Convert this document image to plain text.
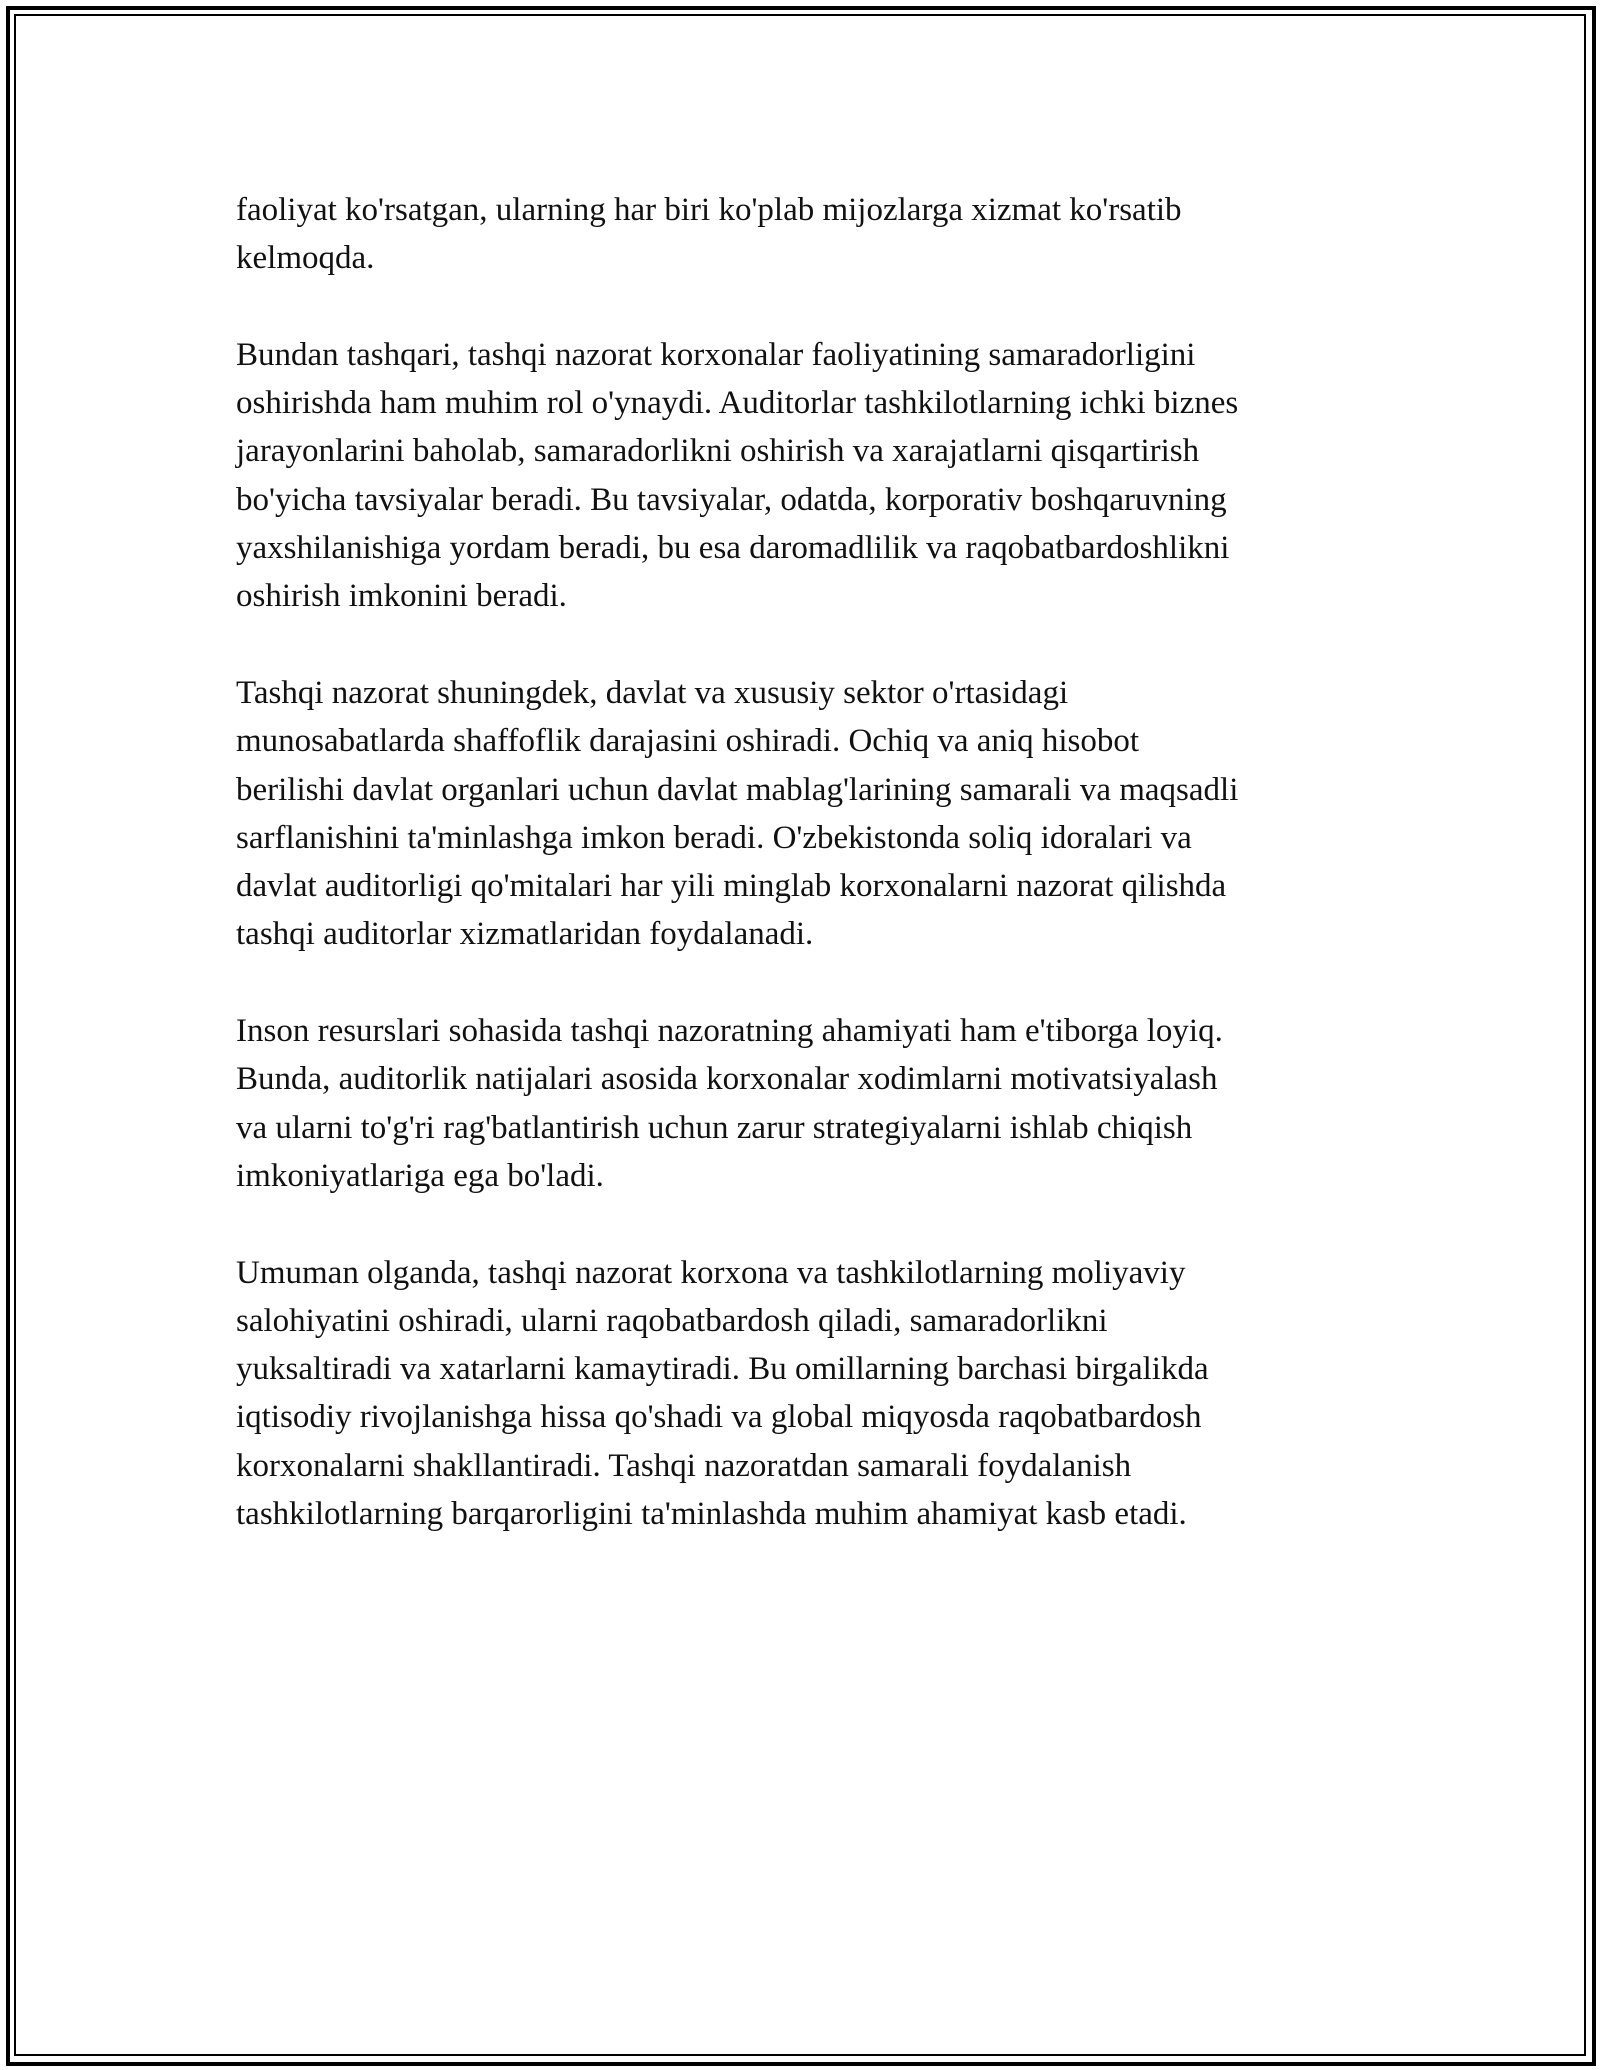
faoliyat ko'rsatgan, ularning har biri ko'plab mijozlarga xizmat ko'rsatib
kelmoqda.

Bundan tashqari, tashqi nazorat korxonalar faoliyatining samaradorligini
oshirishda ham muhim rol o'ynaydi. Auditorlar tashkilotlarning ichki biznes
jarayonlarini baholab, samaradorlikni oshirish va xarajatlarni qisqartirish
bo'yicha tavsiyalar beradi. Bu tavsiyalar, odatda, korporativ boshqaruvning
yaxshilanishiga yordam beradi, bu esa daromadlilik va raqobatbardoshlikni
oshirish imkonini beradi.

Tashqi nazorat shuningdek, davlat va xususiy sektor o'rtasidagi
munosabatlarda shaffoflik darajasini oshiradi. Ochiq va aniq hisobot
berilishi davlat organlari uchun davlat mablag'larining samarali va maqsadli
sarflanishini ta'minlashga imkon beradi. O'zbekistonda soliq idoralari va
davlat auditorligi qo'mitalari har yili minglab korxonalarni nazorat qilishda
tashqi auditorlar xizmatlaridan foydalanadi.

Inson resurslari sohasida tashqi nazoratning ahamiyati ham e'tiborga loyiq.
Bunda, auditorlik natijalari asosida korxonalar xodimlarni motivatsiyalash
va ularni to'g'ri rag'batlantirish uchun zarur strategiyalarni ishlab chiqish
imkoniyatlariga ega bo'ladi.

Umuman olganda, tashqi nazorat korxona va tashkilotlarning moliyaviy
salohiyatini oshiradi, ularni raqobatbardosh qiladi, samaradorlikni
yuksaltiradi va xatarlarni kamaytiradi. Bu omillarning barchasi birgalikda
iqtisodiy rivojlanishga hissa qo'shadi va global miqyosda raqobatbardosh
korxonalarni shakllantiradi. Tashqi nazoratdan samarali foydalanish
tashkilotlarning barqarorligini ta'minlashda muhim ahamiyat kasb etadi.
